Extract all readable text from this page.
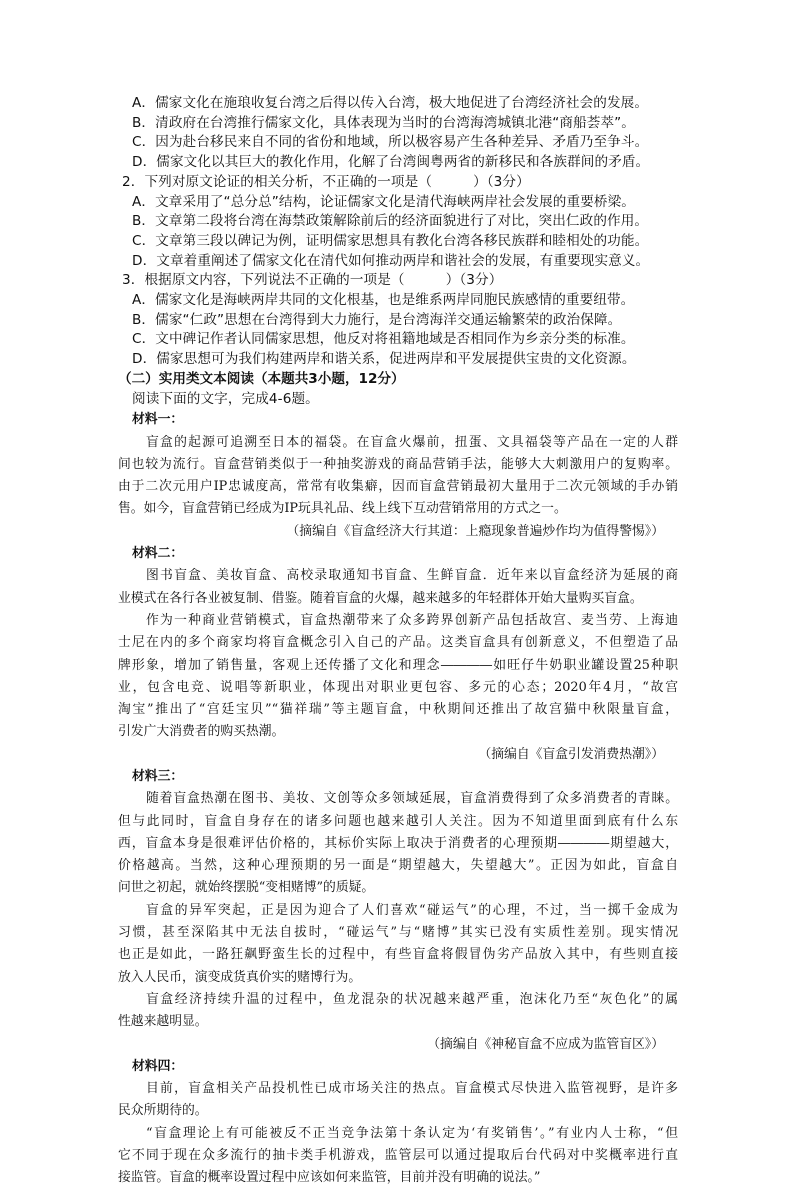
A．儒家文化在施琅收复台湾之后得以传入台湾，极大地促进了台湾经济社会的发展。
B．清政府在台湾推行儒家文化，具体表现为当时的台湾海湾城镇北港“商船荟萃”。
C．因为赴台移民来自不同的省份和地域，所以极容易产生各种差异、矛盾乃至争斗。
D．儒家文化以其巨大的教化作用，化解了台湾闽粤两省的新移民和各族群间的矛盾。
2．下列对原文论证的相关分析，不正确的一项是（　　　）（3分）
A．文章采用了“总分总”结构，论证儒家文化是清代海峡两岸社会发展的重要桥梁。
B．文章第二段将台湾在海禁政策解除前后的经济面貌进行了对比，突出仁政的作用。
C．文章第三段以碑记为例，证明儒家思想具有教化台湾各移民族群和睦相处的功能。
D．文章着重阐述了儒家文化在清代如何推动两岸和谐社会的发展，有重要现实意义。
3．根据原文内容，下列说法不正确的一项是（　　　）（3分）
A．儒家文化是海峡两岸共同的文化根基，也是维系两岸同胞民族感情的重要纽带。
B．儒家“仁政”思想在台湾得到大力施行，是台湾海洋交通运输繁荣的政治保障。
C．文中碑记作者认同儒家思想，他反对将祖籍地域是否相同作为乡亲分类的标准。
D．儒家思想可为我们构建两岸和谐关系，促进两岸和平发展提供宝贵的文化资源。
（二）实用类文本阅读（本题共3小题，12分）
阅读下面的文字，完成4-6题。
材料一：
盲盒的起源可追溯至日本的福袋。在盲盒火爆前，扭蛋、文具福袋等产品在一定的人群
间也较为流行。盲盒营销类似于一种抽奖游戏的商品营销手法，能够大大刺激用户的复购率。
由于二次元用户IP忠诚度高，常常有收集癖，因而盲盒营销最初大量用于二次元领域的手办销
售。如今，盲盒营销已经成为IP玩具礼品、线上线下互动营销常用的方式之一。
（摘编自《盲盒经济大行其道：上瘾现象普遍炒作均为值得警惕》）
材料二：
图书盲盒、美妆盲盒、高校录取通知书盲盒、生鲜盲盒．近年来以盲盒经济为延展的商
业模式在各行各业被复制、借鉴。随着盲盒的火爆，越来越多的年轻群体开始大量购买盲盒。
作为一种商业营销模式，盲盒热潮带来了众多跨界创新产品包括故宫、麦当劳、上海迪
士尼在内的多个商家均将盲盒概念引入自己的产品。这类盲盒具有创新意义，不但塑造了品
牌形象，增加了销售量，客观上还传播了文化和理念――――如旺仔牛奶职业罐设置25种职
业，包含电竞、说唱等新职业，体现出对职业更包容、多元的心态；2020年4月，“故宫
淘宝”推出了“宫廷宝贝”“猫祥瑞”等主题盲盒，中秋期间还推出了故宫猫中秋限量盲盒，
引发广大消费者的购买热潮。
（摘编自《盲盒引发消费热潮》）
材料三：
随着盲盒热潮在图书、美妆、文创等众多领域延展，盲盒消费得到了众多消费者的青睐。
但与此同时，盲盒自身存在的诸多问题也越来越引人关注。因为不知道里面到底有什么东
西，盲盒本身是很难评估价格的，其标价实际上取决于消费者的心理预期――――期望越大，
价格越高。当然，这种心理预期的另一面是“期望越大，失望越大”。正因为如此，盲盒自
问世之初起，就始终摆脱“变相赌博”的质疑。
盲盒的异军突起，正是因为迎合了人们喜欢“碰运气”的心理，不过，当一掷千金成为
习惯，甚至深陷其中无法自拔时，“碰运气”与“赌博”其实已没有实质性差别。现实情况
也正是如此，一路狂飙野蛮生长的过程中，有些盲盒将假冒伪劣产品放入其中，有些则直接
放入人民币，演变成货真价实的赌博行为。
盲盒经济持续升温的过程中，鱼龙混杂的状况越来越严重，泡沫化乃至“灰色化”的属
性越来越明显。
（摘编自《神秘盲盒不应成为监管盲区》）
材料四：
目前，盲盒相关产品投机性已成市场关注的热点。盲盒模式尽快进入监管视野，是许多
民众所期待的。
“盲盒理论上有可能被反不正当竞争法第十条认定为‘有奖销售’。”有业内人士称，“但
它不同于现在众多流行的抽卡类手机游戏，监管层可以通过提取后台代码对中奖概率进行直
接监管。盲盒的概率设置过程中应该如何来监管，目前并没有明确的说法。”
